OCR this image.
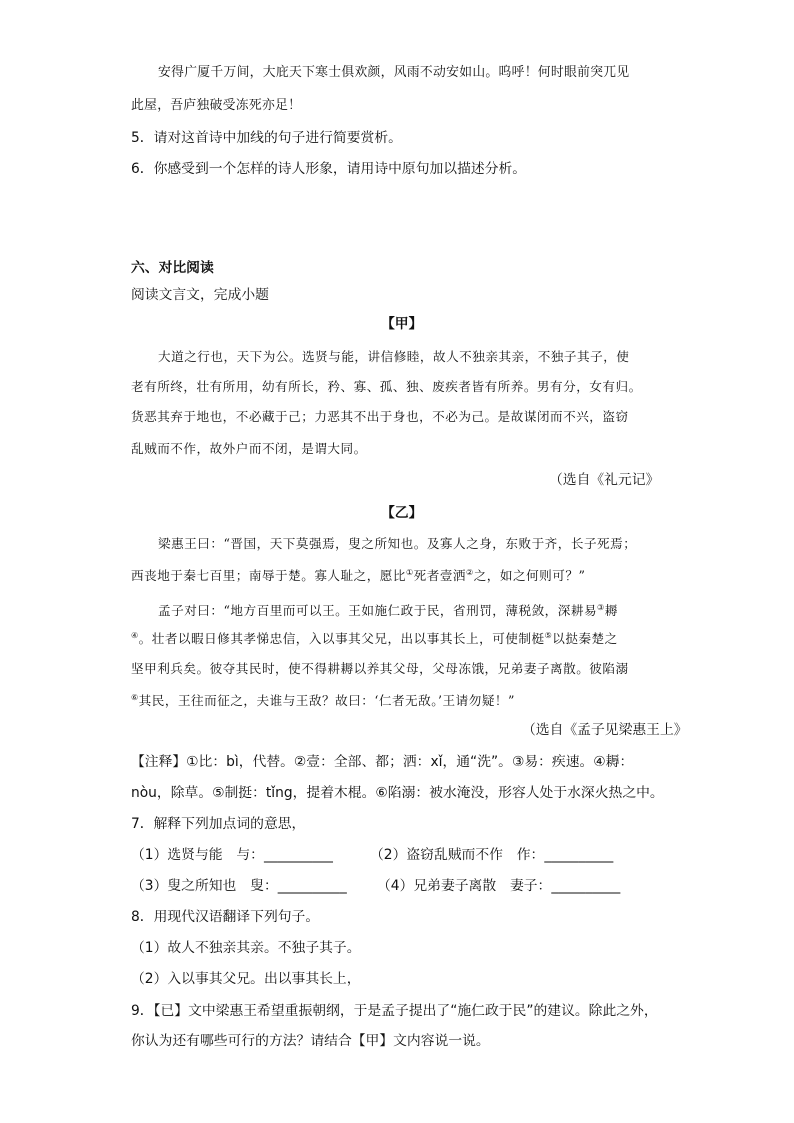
安得广厦千万间，大庇天下寒士俱欢颜，风雨不动安如山。呜呼！何时眼前突兀见

此屋，吾庐独破受冻死亦足！

5．请对这首诗中加线的句子进行简要赏析。

6．你感受到一个怎样的诗人形象，请用诗中原句加以描述分析。

六、对比阅读

阅读文言文，完成小题

【甲】

大道之行也，天下为公。选贤与能，讲信修睦，故人不独亲其亲，不独子其子，使

老有所终，壮有所用，幼有所长，矜、寡、孤、独、废疾者皆有所养。男有分，女有归。

货恶其弃于地也，不必藏于己；力恶其不出于身也，不必为己。是故谋闭而不兴，盗窃

乱贼而不作，故外户而不闭，是谓大同。

（选自《礼元记》

【乙】

梁惠王曰：“晋国，天下莫强焉，叟之所知也。及寡人之身，东败于齐，长子死焉；

西丧地于秦七百里；南辱于楚。寡人耻之，愿比①死者壹洒②之，如之何则可？”

孟子对曰：“地方百里而可以王。王如施仁政于民，省刑罚，薄税敛，深耕易③耨

④。壮者以暇日修其孝悌忠信，入以事其父兄，出以事其长上，可使制梃⑤以挞秦楚之

坚甲利兵矣。彼夺其民时，使不得耕耨以养其父母，父母冻饿，兄弟妻子离散。彼陷溺

⑥其民，王往而征之，夫谁与王敌？故曰：‘仁者无敌。’王请勿疑！”

（选自《孟子见梁惠王上》

【注释】①比：bì，代替。②壹：全部、都；洒：xǐ，通“洗”。③易：疾速。④耨：

nòu，除草。⑤制挺：tǐng，提着木棍。⑥陷溺：被水淹没，形容人处于水深火热之中。

7．解释下列加点词的意思，

（1）选贤与能　与：__________	（2）盗窃乱贼而不作　作：__________

（3）叟之所知也　叟：__________ （4）兄弟妻子离散　妻子：__________

8．用现代汉语翻译下列句子。

（1）故人不独亲其亲。不独子其子。

（2）入以事其父兄。出以事其长上，

9．【已】文中梁惠王希望重振朝纲，于是孟子提出了“施仁政于民”的建议。除此之外，

你认为还有哪些可行的方法？请结合【甲】文内容说一说。
